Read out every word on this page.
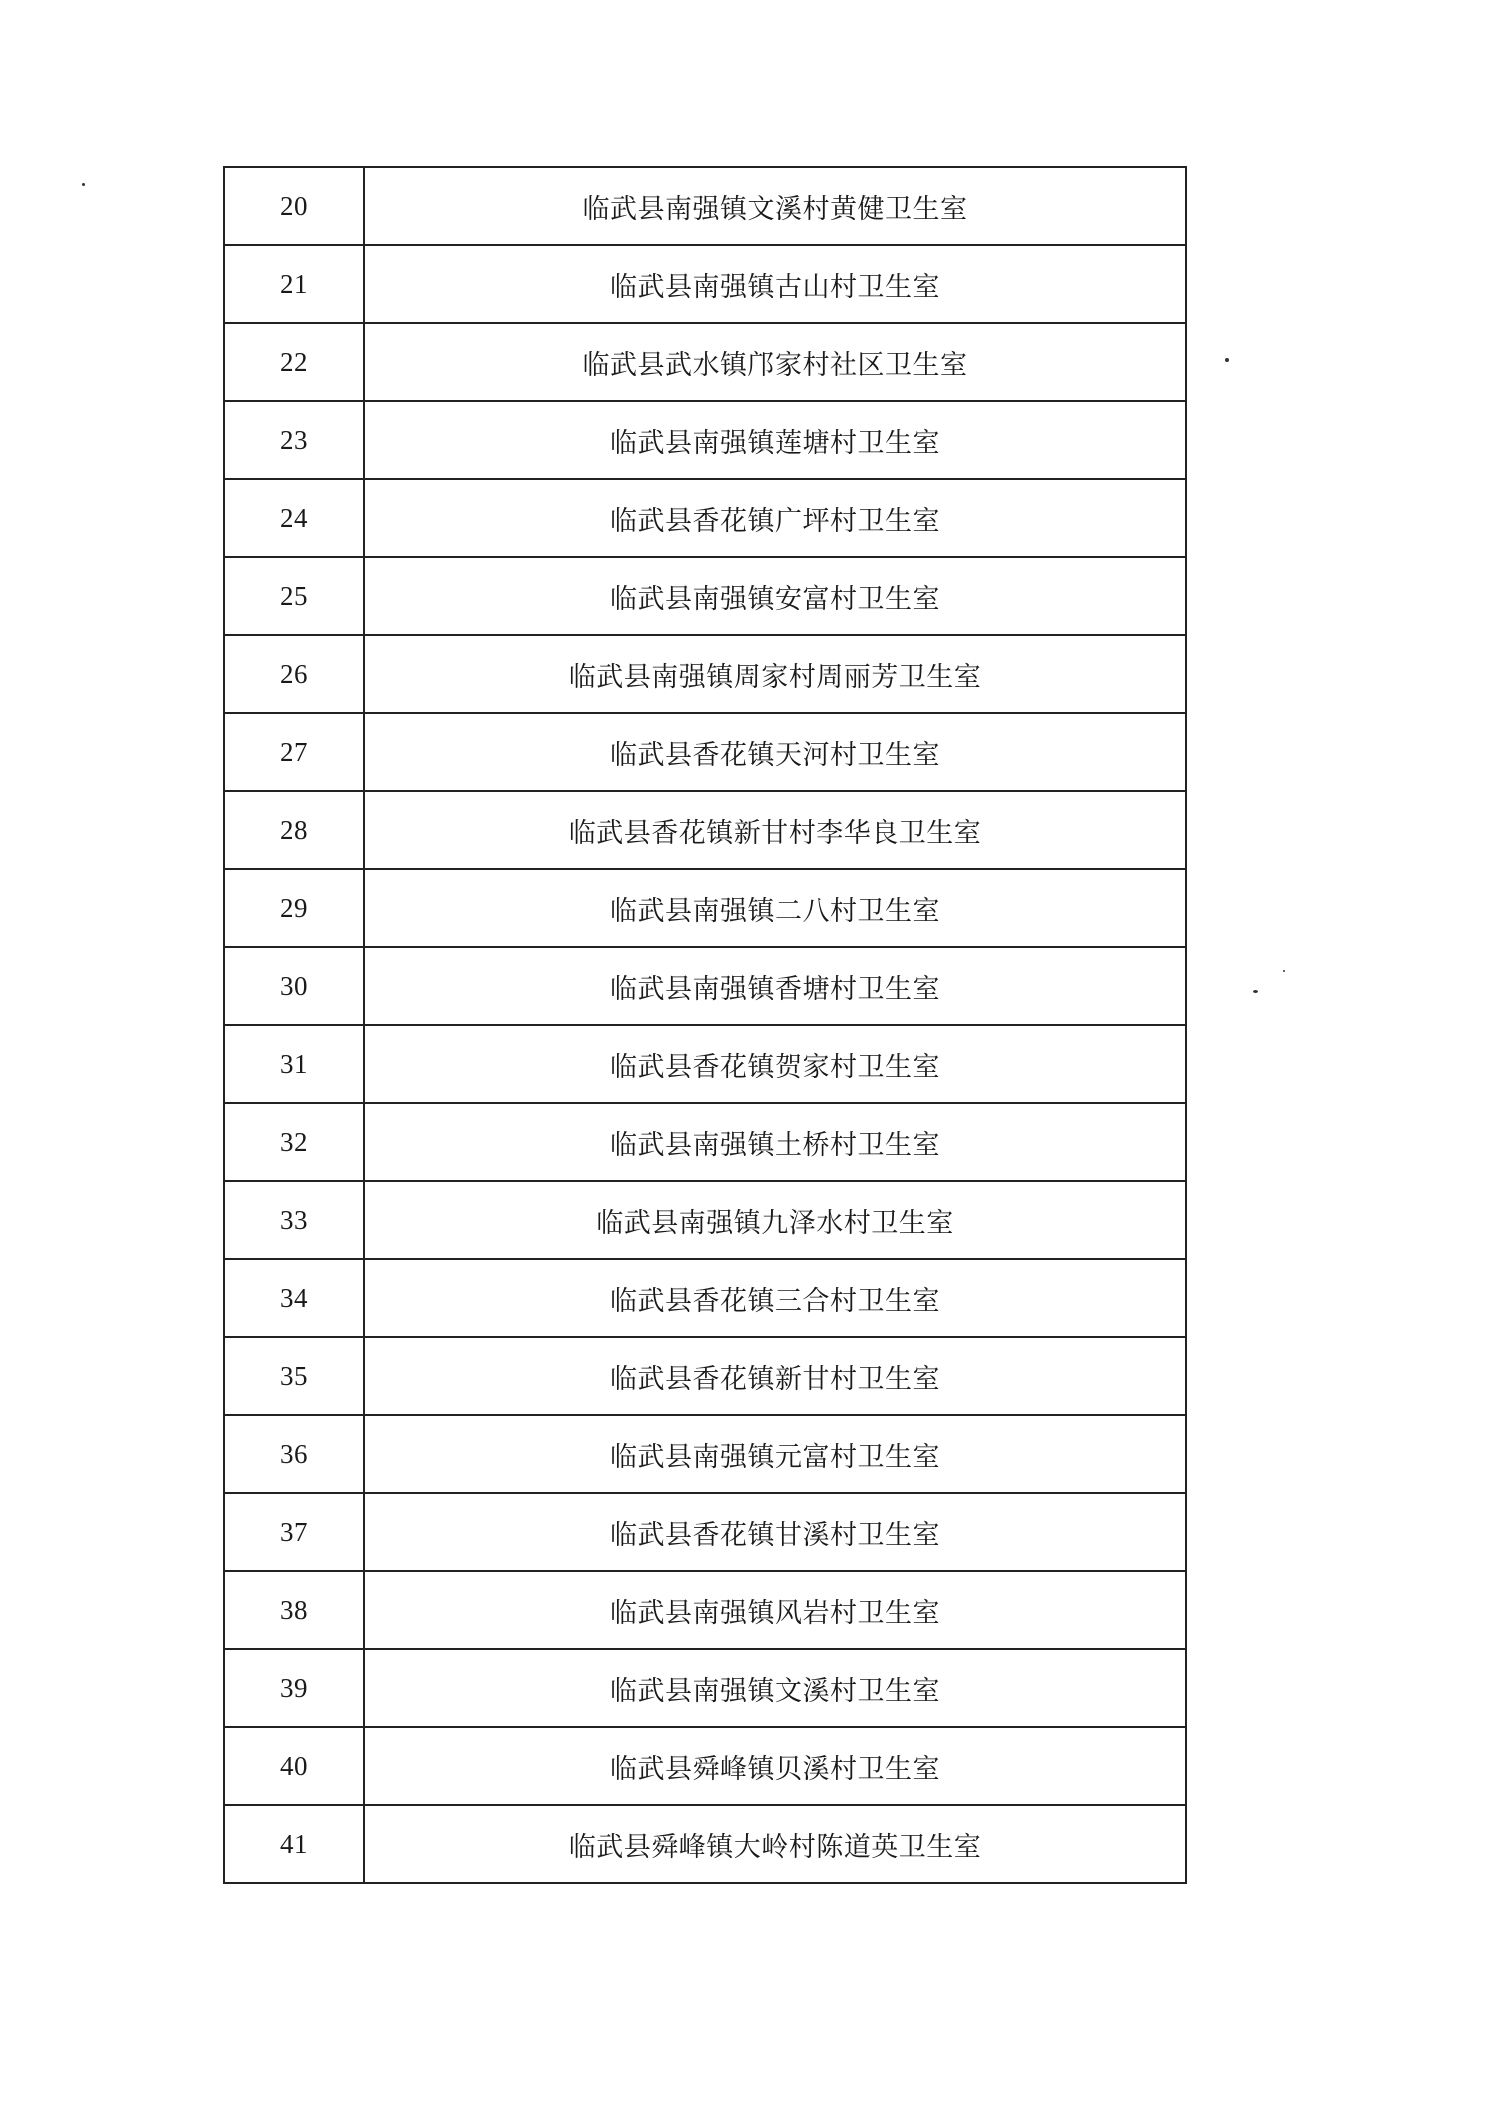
20	临武县南强镇文溪村黄健卫生室
21	临武县南强镇古山村卫生室
22	临武县武水镇邝家村社区卫生室
23	临武县南强镇莲塘村卫生室
24	临武县香花镇广坪村卫生室
25	临武县南强镇安富村卫生室
26	临武县南强镇周家村周丽芳卫生室
27	临武县香花镇天河村卫生室
28	临武县香花镇新甘村李华良卫生室
29	临武县南强镇二八村卫生室
30	临武县南强镇香塘村卫生室
31	临武县香花镇贺家村卫生室
32	临武县南强镇土桥村卫生室
33	临武县南强镇九泽水村卫生室
34	临武县香花镇三合村卫生室
35	临武县香花镇新甘村卫生室
36	临武县南强镇元富村卫生室
37	临武县香花镇甘溪村卫生室
38	临武县南强镇风岩村卫生室
39	临武县南强镇文溪村卫生室
40	临武县舜峰镇贝溪村卫生室
41	临武县舜峰镇大岭村陈道英卫生室
